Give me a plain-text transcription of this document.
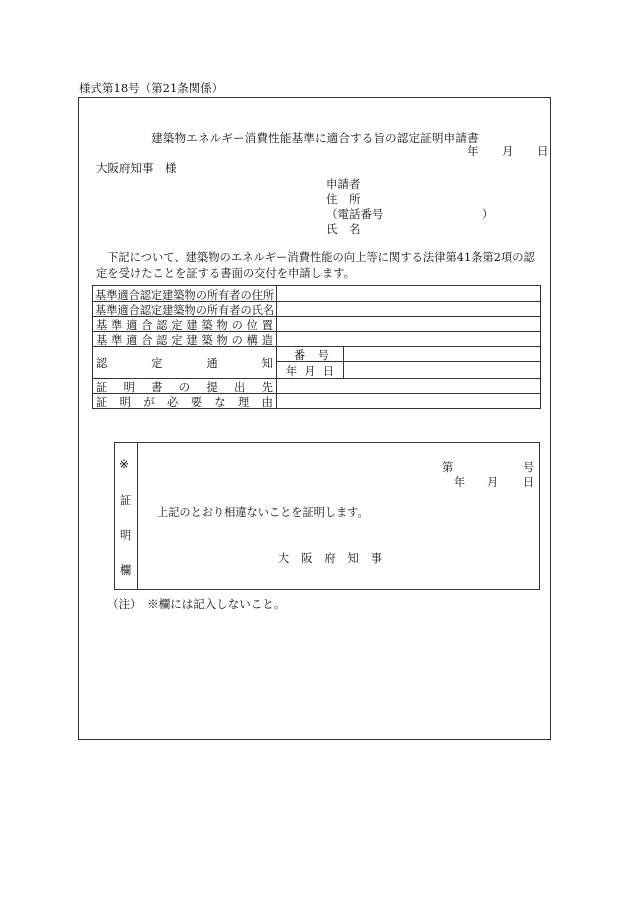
様式第18号（第21条関係）
建築物エネルギー消費性能基準に適合する旨の認定証明申請書
年 月 日
大阪府知事　様
申請者
住　所
（電話番号	）
氏　名

下記について、建築物のエネルギー消費性能の向上等に関する法律第41条第2項の認

定を受けたことを証する書面の交付を申請します。

基準適合認定建築物の所有者の住所
基準適合認定建築物の所有者の氏名
基 準 適 合 認 定 建 築 物 の 位 置
基 準 適 合 認 定 建 築 物 の 構 造
認	定	通	知
番 号
年 月 日
証 明 書 の 提 出 先
証 明 が 必 要 な 理 由
※
証
明
欄
第	号
年 月 日
上記のとおり相違ないことを証明します。
大 阪 府 知 事
（注）　※欄には記入しないこと。
